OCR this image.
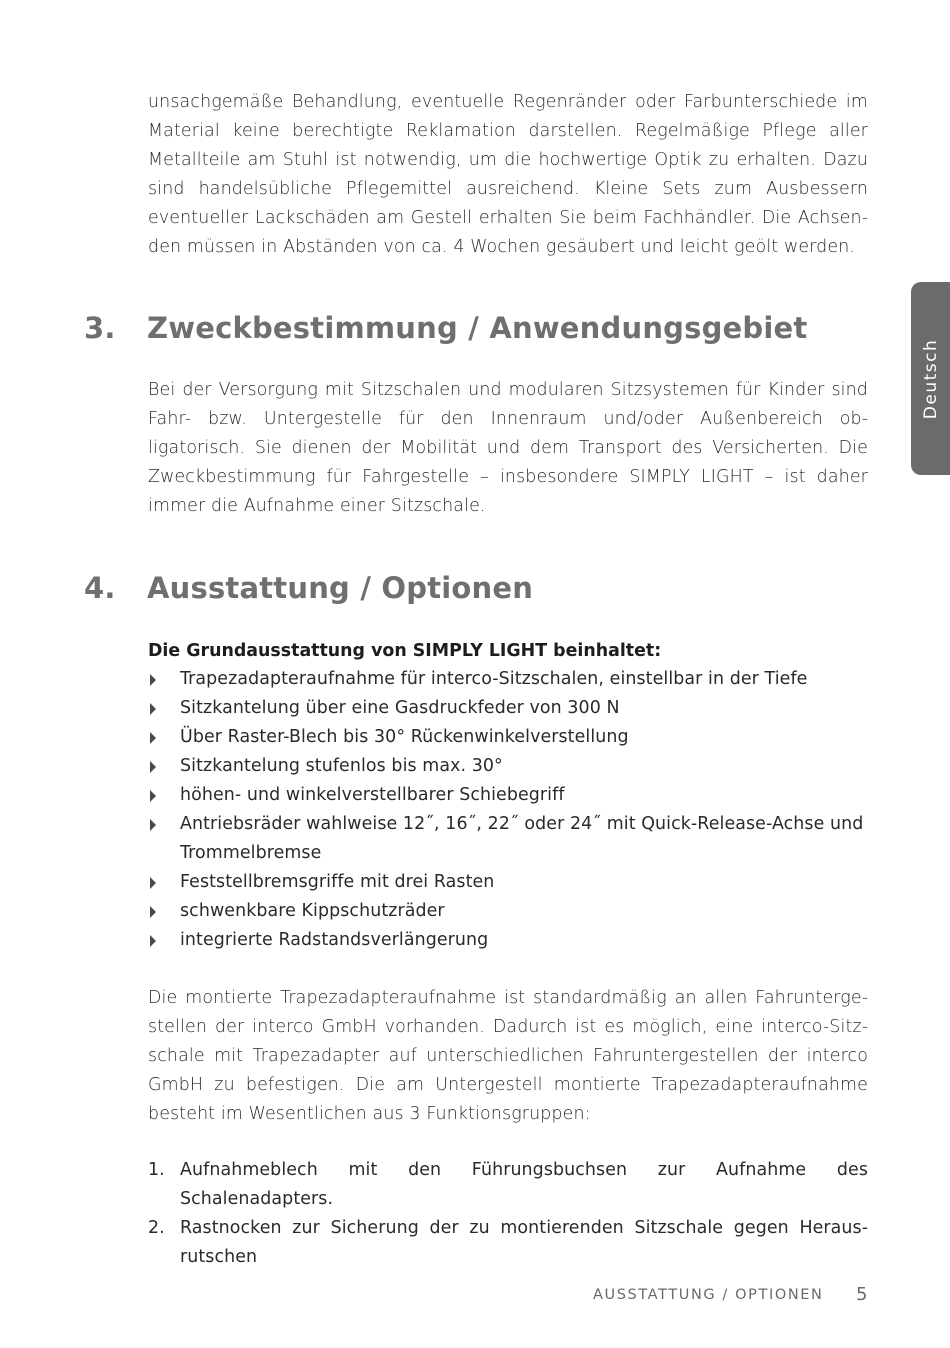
unsachgemäße Behandlung, eventuelle Regenränder oder Farbunterschiede im Material keine berechtigte Reklamation darstellen. Regelmäßige Pflege aller Metallteile am Stuhl ist notwendig, um die hochwertige Optik zu erhalten. Dazu sind handelsübliche Pflegemittel ausreichend. Kleine Sets zum Ausbessern eventueller Lackschäden am Gestell erhalten Sie beim Fachhändler. Die Achsenden müssen in Abständen von ca. 4 Wochen gesäubert und leicht geölt werden.

3. Zweckbestimmung / Anwendungsgebiet

Bei der Versorgung mit Sitzschalen und modularen Sitzsystemen für Kinder sind Fahr- bzw. Untergestelle für den Innenraum und/oder Außenbereich obligatorisch. Sie dienen der Mobilität und dem Transport des Versicherten. Die Zweckbestimmung für Fahrgestelle – insbesondere SIMPLY LIGHT – ist daher immer die Aufnahme einer Sitzschale.

4. Ausstattung / Optionen

Die Grundausstattung von SIMPLY LIGHT beinhaltet:

Trapezadapteraufnahme für interco-Sitzschalen, einstellbar in der Tiefe
Sitzkantelung über eine Gasdruckfeder von 300 N
Über Raster-Blech bis 30° Rückenwinkelverstellung
Sitzkantelung stufenlos bis max. 30°
höhen- und winkelverstellbarer Schiebegriff
Antriebsräder wahlweise 12˝, 16˝, 22˝ oder 24˝ mit Quick-Release-Achse und Trommelbremse
Feststellbremsgriffe mit drei Rasten
schwenkbare Kippschutzräder
integrierte Radstandsverlängerung

Die montierte Trapezadapteraufnahme ist standardmäßig an allen Fahruntergestellen der interco GmbH vorhanden. Dadurch ist es möglich, eine interco-Sitzschale mit Trapezadapter auf unterschiedlichen Fahruntergestellen der interco GmbH zu befestigen. Die am Untergestell montierte Trapezadapteraufnahme besteht im Wesentlichen aus 3 Funktionsgruppen:

1. Aufnahmeblech mit den Führungsbuchsen zur Aufnahme des Schalenadapters.
2. Rastnocken zur Sicherung der zu montierenden Sitzschale gegen Herausrutschen
Deutsch
AUSSTATTUNG / OPTIONEN 5
